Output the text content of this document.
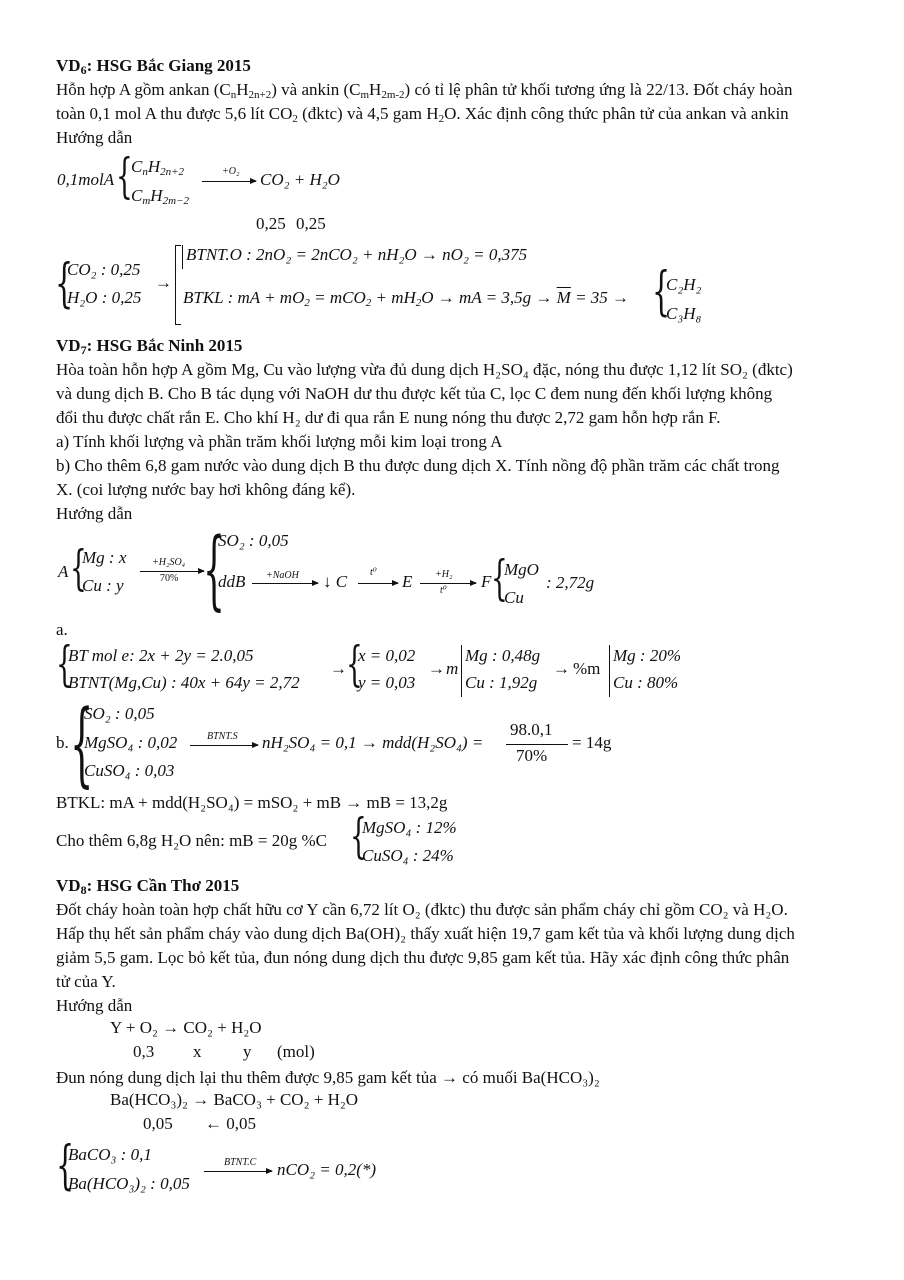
$VD_6$: HSG Bắc Giang 2015
Hỗn hợp A gồm ankan $(C_nH_{2n+2})$ và ankin $(C_mH_{2m-2})$ có tỉ lệ phân tử khối tương ứng là 22/13. Đốt cháy hoàn
toàn 0,1 mol A thu được 5,6 lít $CO_2$ (đktc) và 4,5 gam $H_2O$. Xác định công thức phân tử của ankan và ankin
Hướng dẫn
0,1molA {
$C_nH_{2n+2}$
$C_mH_{2m-2}$
+O₂ CO₂ + H₂O
0,25 0,25
{
CO₂ : 0,25
H₂O : 0,25
→
BTNT.O : 2nO₂ = 2nCO₂ + nH₂O → nO₂ = 0,375
BTKL : mA + $mO_2 = mCO_2 + mH_2O$ → mA = $3,5g \to \overline{M} = 35$ → {
C₂H₂
C₃H₈
$VD_7$: HSG Bắc Ninh 2015
Hòa toàn hỗn hợp A gồm Mg, Cu vào lượng vừa đủ dung dịch H₂SO₄ đặc, nóng thu được 1,12 lít SO₂ (đktc)
và dung dịch B. Cho B tác dụng với NaOH dư thu được kết tủa C, lọc C đem nung đến khối lượng không
đổi thu được chất rắn E. Cho khí H₂ dư đi qua rắn E nung nóng thu được 2,72 gam hỗn hợp rắn F.
a) Tính khối lượng và phần trăm khối lượng mỗi kim loại trong A
b) Cho thêm 6,8 gam nước vào dung dịch B thu được dung dịch X. Tính nồng độ phần trăm các chất trong
X. (coi lượng nước bay hơi không đáng kể).
Hướng dẫn
A {
Mg : x
Cu : y
+H₂SO₄
70% {
SO₂ : 0,05
ddB +NaOH ↓ C t⁰ E +H₂
t⁰ F {
MgO
Cu
: 2,72g
a.
{
BT mol e: 2x + 2y = 2.0,05
BTNT(Mg,Cu) : 40x + 64y = 2,72
→ {
x = 0,02
y = 0,03
→ m
Mg : 0,48g
Cu : 1,92g
→ %m
Mg : 20%
Cu : 80%
b. {
SO₂ : 0,05
MgSO₄ : 0,02
CuSO₄ : 0,03
BTNT.S nH₂SO₄ = 0,1 → mdd(H₂SO₄) =
98.0,1
70%
= 14g
BTKL: mA + mdd(H₂SO₄) = mSO₂ + mB → mB = 13,2g
Cho thêm 6,8g H₂O nên: mB = 20g %C {
MgSO₄ : 12%
CuSO₄ : 24%
$VD_8$: HSG Cần Thơ 2015
Đốt cháy hoàn toàn hợp chất hữu cơ Y cần 6,72 lít O₂ (đktc) thu được sản phẩm cháy chỉ gồm CO₂ và H₂O.
Hấp thụ hết sản phẩm cháy vào dung dịch Ba(OH)₂ thấy xuất hiện 19,7 gam kết tủa và khối lượng dung dịch
giảm 5,5 gam. Lọc bỏ kết tủa, đun nóng dung dịch thu được 9,85 gam kết tủa. Hãy xác định công thức phân
tử của Y.
Hướng dẫn
Y + O₂ → CO₂ + H₂O
0,3 x y (mol)
Đun nóng dung dịch lại thu thêm được 9,85 gam kết tủa → có muối Ba(HCO₃)₂
Ba(HCO₃)₂ → BaCO₃ + CO₂ + H₂O
0,05 ← 0,05
{
BaCO₃ : 0,1
Ba(HCO₃)₂ : 0,05
BTNT.C nCO₂ = 0,2(*)
